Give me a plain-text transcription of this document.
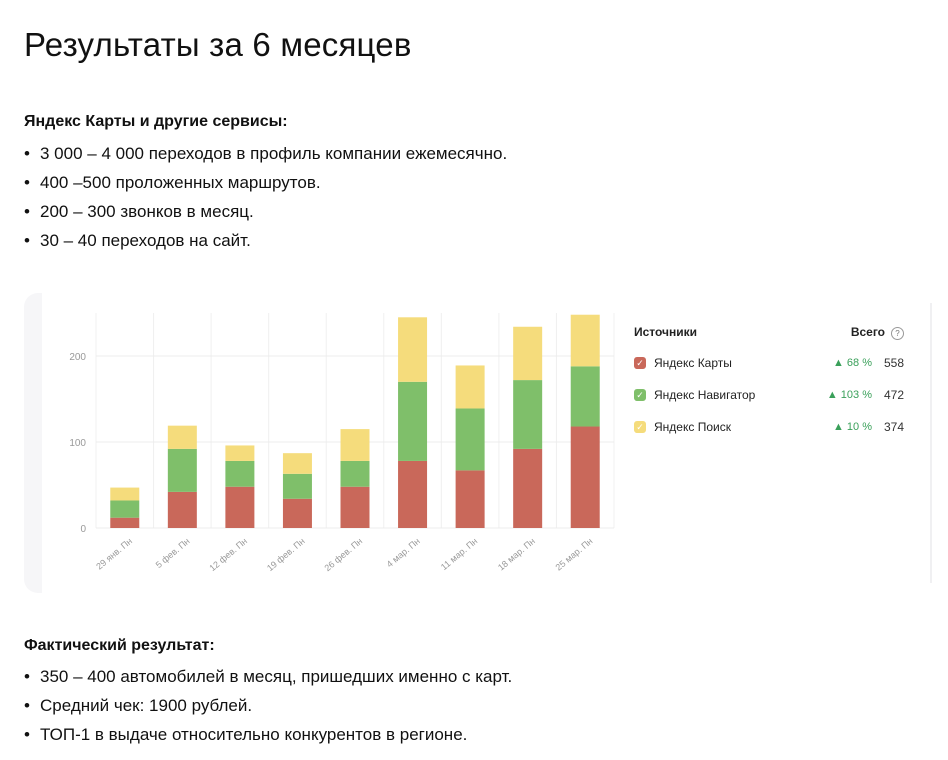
Результаты за 6 месяцев

Яндекс Карты и другие сервисы:

• 3 000 – 4 000 переходов в профиль компании ежемесячно.
• 400 –500 проложенных маршрутов.
• 200 – 300 звонков в месяц.
• 30 – 40 переходов на сайт.
0
100
200
29 янв. Пн 5 фев. Пн 12 фев. Пн 19 фев. Пн 26 фев. Пн 4 мар. Пн 11 мар. Пн 18 мар. Пн 25 мар. Пн
Источники	Всего ?
✓ Яндекс Карты	▲ 68 % 558
✓ Яндекс Навигатор	▲ 103 % 472
✓ Яндекс Поиск	▲ 10 % 374

Фактический результат:

• 350 – 400 автомобилей в месяц, пришедших именно с карт.
• Средний чек: 1900 рублей.
• ТОП-1 в выдаче относительно конкурентов в регионе.
